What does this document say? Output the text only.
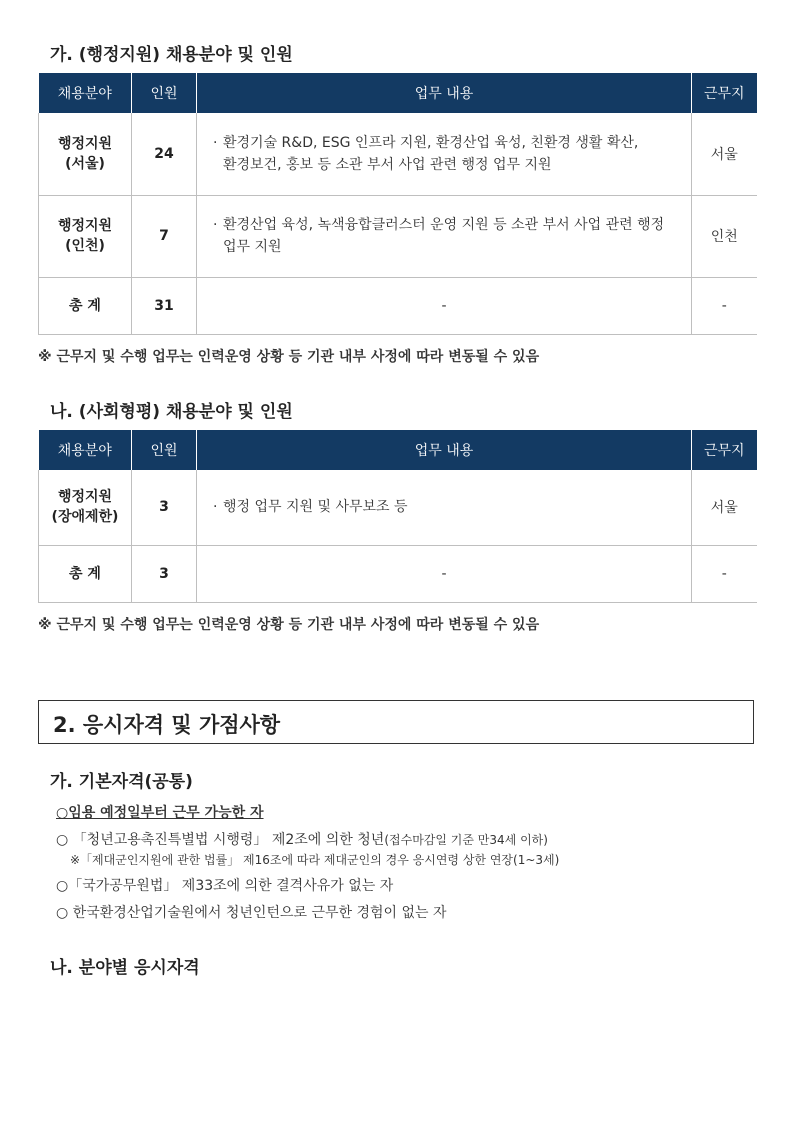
가. (행정지원) 채용분야 및 인원
채용분야	인원	업무 내용	근무지

행정지원
(서울)	24	· 환경기술 R&D, ESG 인프라 지원, 환경산업 육성, 친환경 생활 확산,
환경보건, 홍보 등 소관 부서 사업 관련 행정 업무 지원	서울

행정지원
(인천)	7	· 환경산업 육성, 녹색융합클러스터 운영 지원 등 소관 부서 사업 관련 행정
업무 지원	인천
총 계	31	-	-

※ 근무지 및 수행 업무는 인력운영 상황 등 기관 내부 사정에 따라 변동될 수 있음

나. (사회형평) 채용분야 및 인원
채용분야	인원	업무 내용	근무지

행정지원
(장애제한)	3	· 행정 업무 지원 및 사무보조 등	서울
총 계	3	-	-

※ 근무지 및 수행 업무는 인력운영 상황 등 기관 내부 사정에 따라 변동될 수 있음

2. 응시자격 및 가점사항
가. 기본자격(공통)
○임용 예정일부터 근무 가능한 자
○ 「청년고용촉진특별법 시행령」 제2조에 의한 청년(접수마감일 기준 만34세 이하)
※「제대군인지원에 관한 법률」 제16조에 따라 제대군인의 경우 응시연령 상한 연장(1~3세)
○「국가공무원법」 제33조에 의한 결격사유가 없는 자
○ 한국환경산업기술원에서 청년인턴으로 근무한 경험이 없는 자
나. 분야별 응시자격
